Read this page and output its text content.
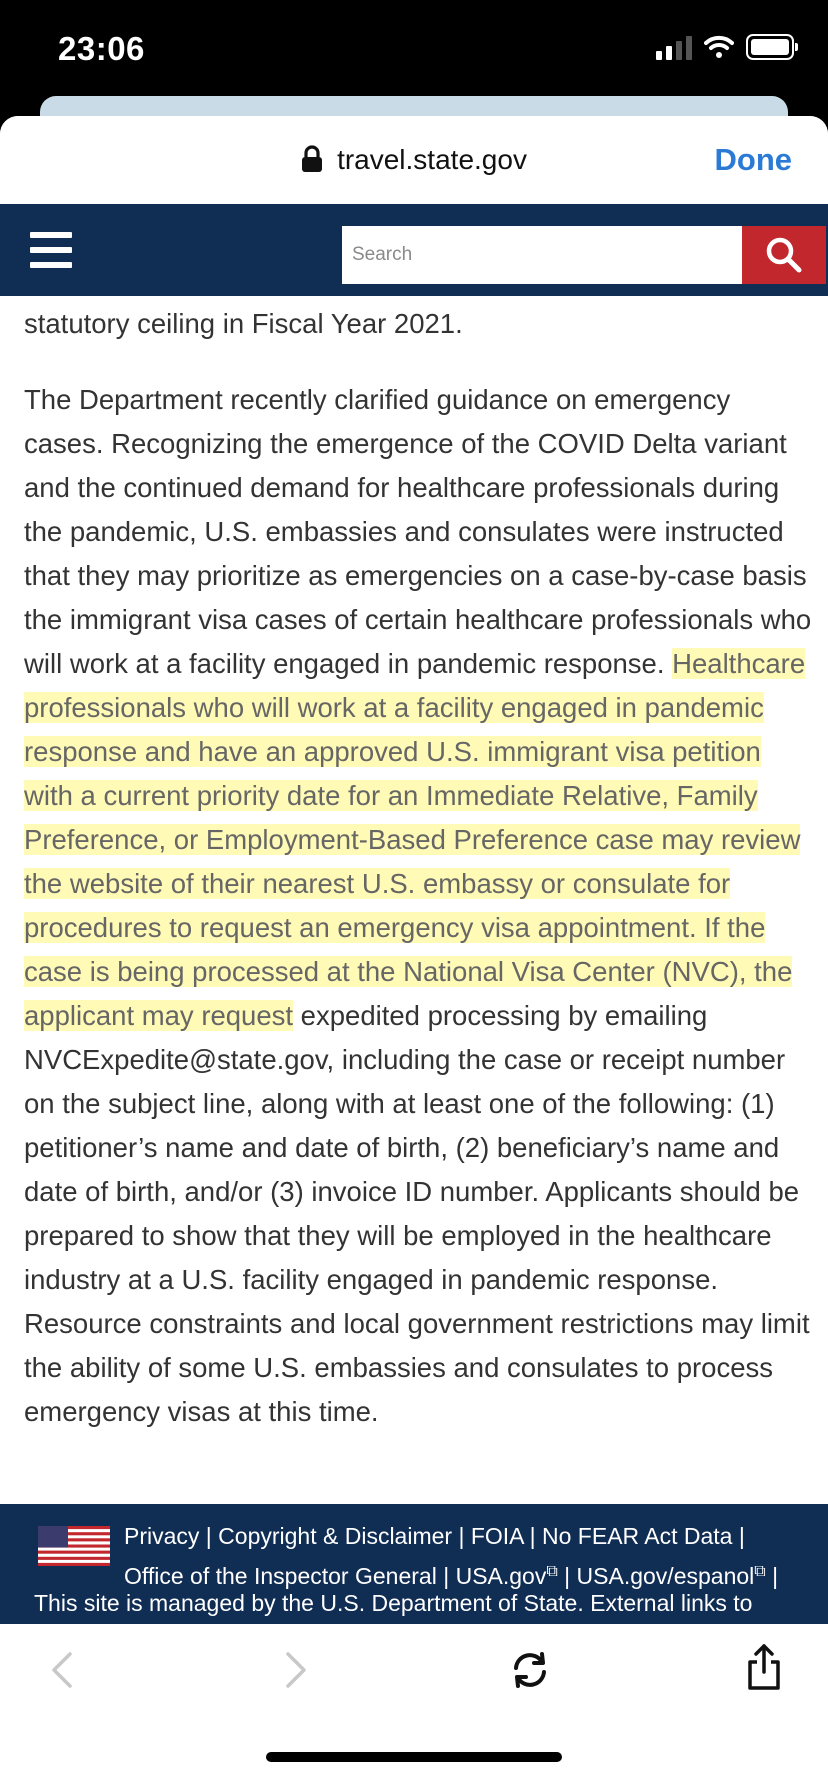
23:06
travel.state.gov	Done
Search

statutory ceiling in Fiscal Year 2021.

The Department recently clarified guidance on emergency cases. Recognizing the emergence of the COVID Delta variant and the continued demand for healthcare professionals during the pandemic, U.S. embassies and consulates were instructed that they may prioritize as emergencies on a case-by-case basis the immigrant visa cases of certain healthcare professionals who will work at a facility engaged in pandemic response. Healthcare professionals who will work at a facility engaged in pandemic response and have an approved U.S. immigrant visa petition with a current priority date for an Immediate Relative, Family Preference, or Employment-Based Preference case may review the website of their nearest U.S. embassy or consulate for procedures to request an emergency visa appointment. If the case is being processed at the National Visa Center (NVC), the applicant may request expedited processing by emailing NVCExpedite@state.gov, including the case or receipt number on the subject line, along with at least one of the following: (1) petitioner’s name and date of birth, (2) beneficiary’s name and date of birth, and/or (3) invoice ID number. Applicants should be prepared to show that they will be employed in the healthcare industry at a U.S. facility engaged in pandemic response. Resource constraints and local government restrictions may limit the ability of some U.S. embassies and consulates to process emergency visas at this time.

Privacy | Copyright & Disclaimer | FOIA | No FEAR Act Data |
Office of the Inspector General | USA.gov⧉ | USA.gov/espanol⧉ |
This site is managed by the U.S. Department of State. External links to
